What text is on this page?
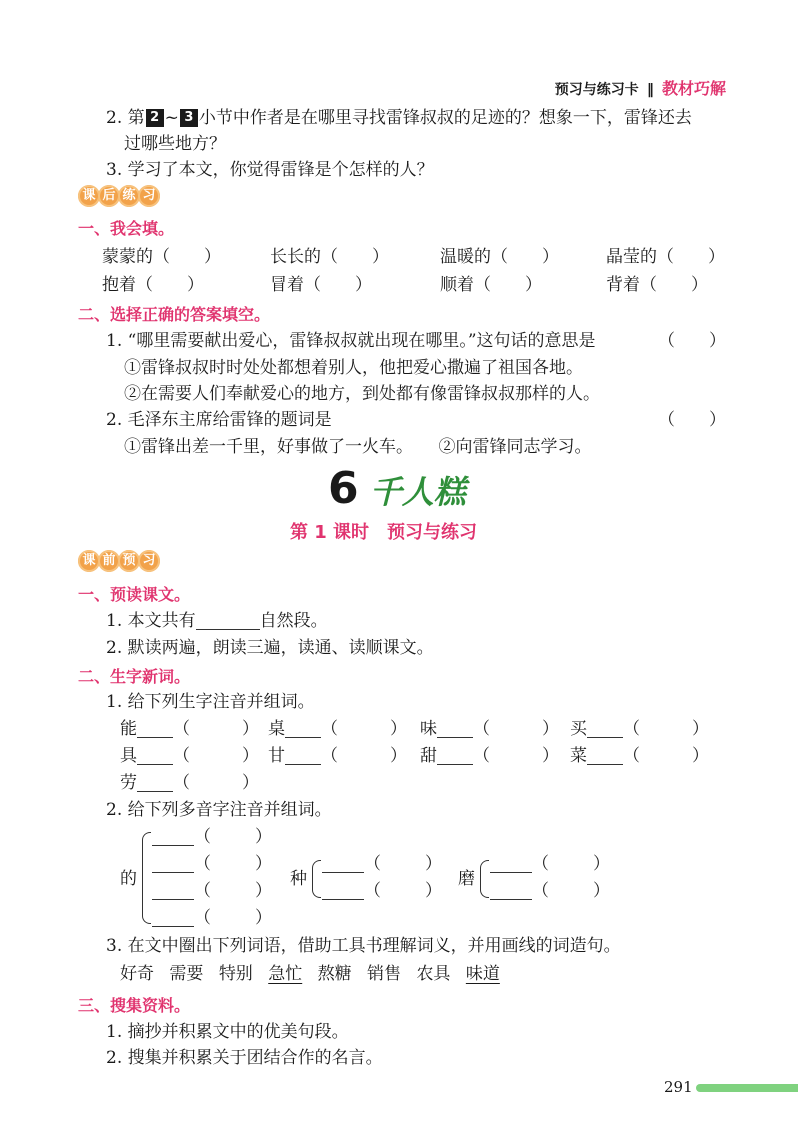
预习与练习卡 ‖ 教材巧解
2. 第 2 ~ 3 小节中作者是在哪里寻找雷锋叔叔的足迹的？想象一下，雷锋还去
过哪些地方？
3. 学习了本文，你觉得雷锋是个怎样的人？
课 后 练 习
一、我会填。
蒙蒙的（　　）	长长的（　　）	温暖的（　　）	晶莹的（　　）
抱着（　　）	冒着（　　）	顺着（　　）	背着（　　）
二、选择正确的答案填空。
1. “哪里需要献出爱心，雷锋叔叔就出现在哪里。”这句话的意思是	（　　）
①雷锋叔叔时时处处都想着别人，他把爱心撒遍了祖国各地。
②在需要人们奉献爱心的地方，到处都有像雷锋叔叔那样的人。
2. 毛泽东主席给雷锋的题词是	（　　）
①雷锋出差一千里，好事做了一火车。　　②向雷锋同志学习。
6 千人糕
第 1 课时　预习与练习
课 前 预 习
一、预读课文。
1. 本文共有	自然段。
2. 默读两遍，朗读三遍，读通、读顺课文。
二、生字新词。
1. 给下列生字注音并组词。
能 （	） 桌 （	） 味 （	） 买 （	）
具 （	） 甘 （	） 甜 （	） 菜 （	）
劳 （	）
2. 给下列多音字注音并组词。
的
（	）
（	）
（	）
（	）
种
（	）
（	）
磨
（	）
（	）
3. 在文中圈出下列词语，借助工具书理解词义，并用画线的词造句。
好奇 需要 特别 急忙 熬糖 销售 农具 味道
三、搜集资料。
1. 摘抄并积累文中的优美句段。
2. 搜集并积累关于团结合作的名言。
291
